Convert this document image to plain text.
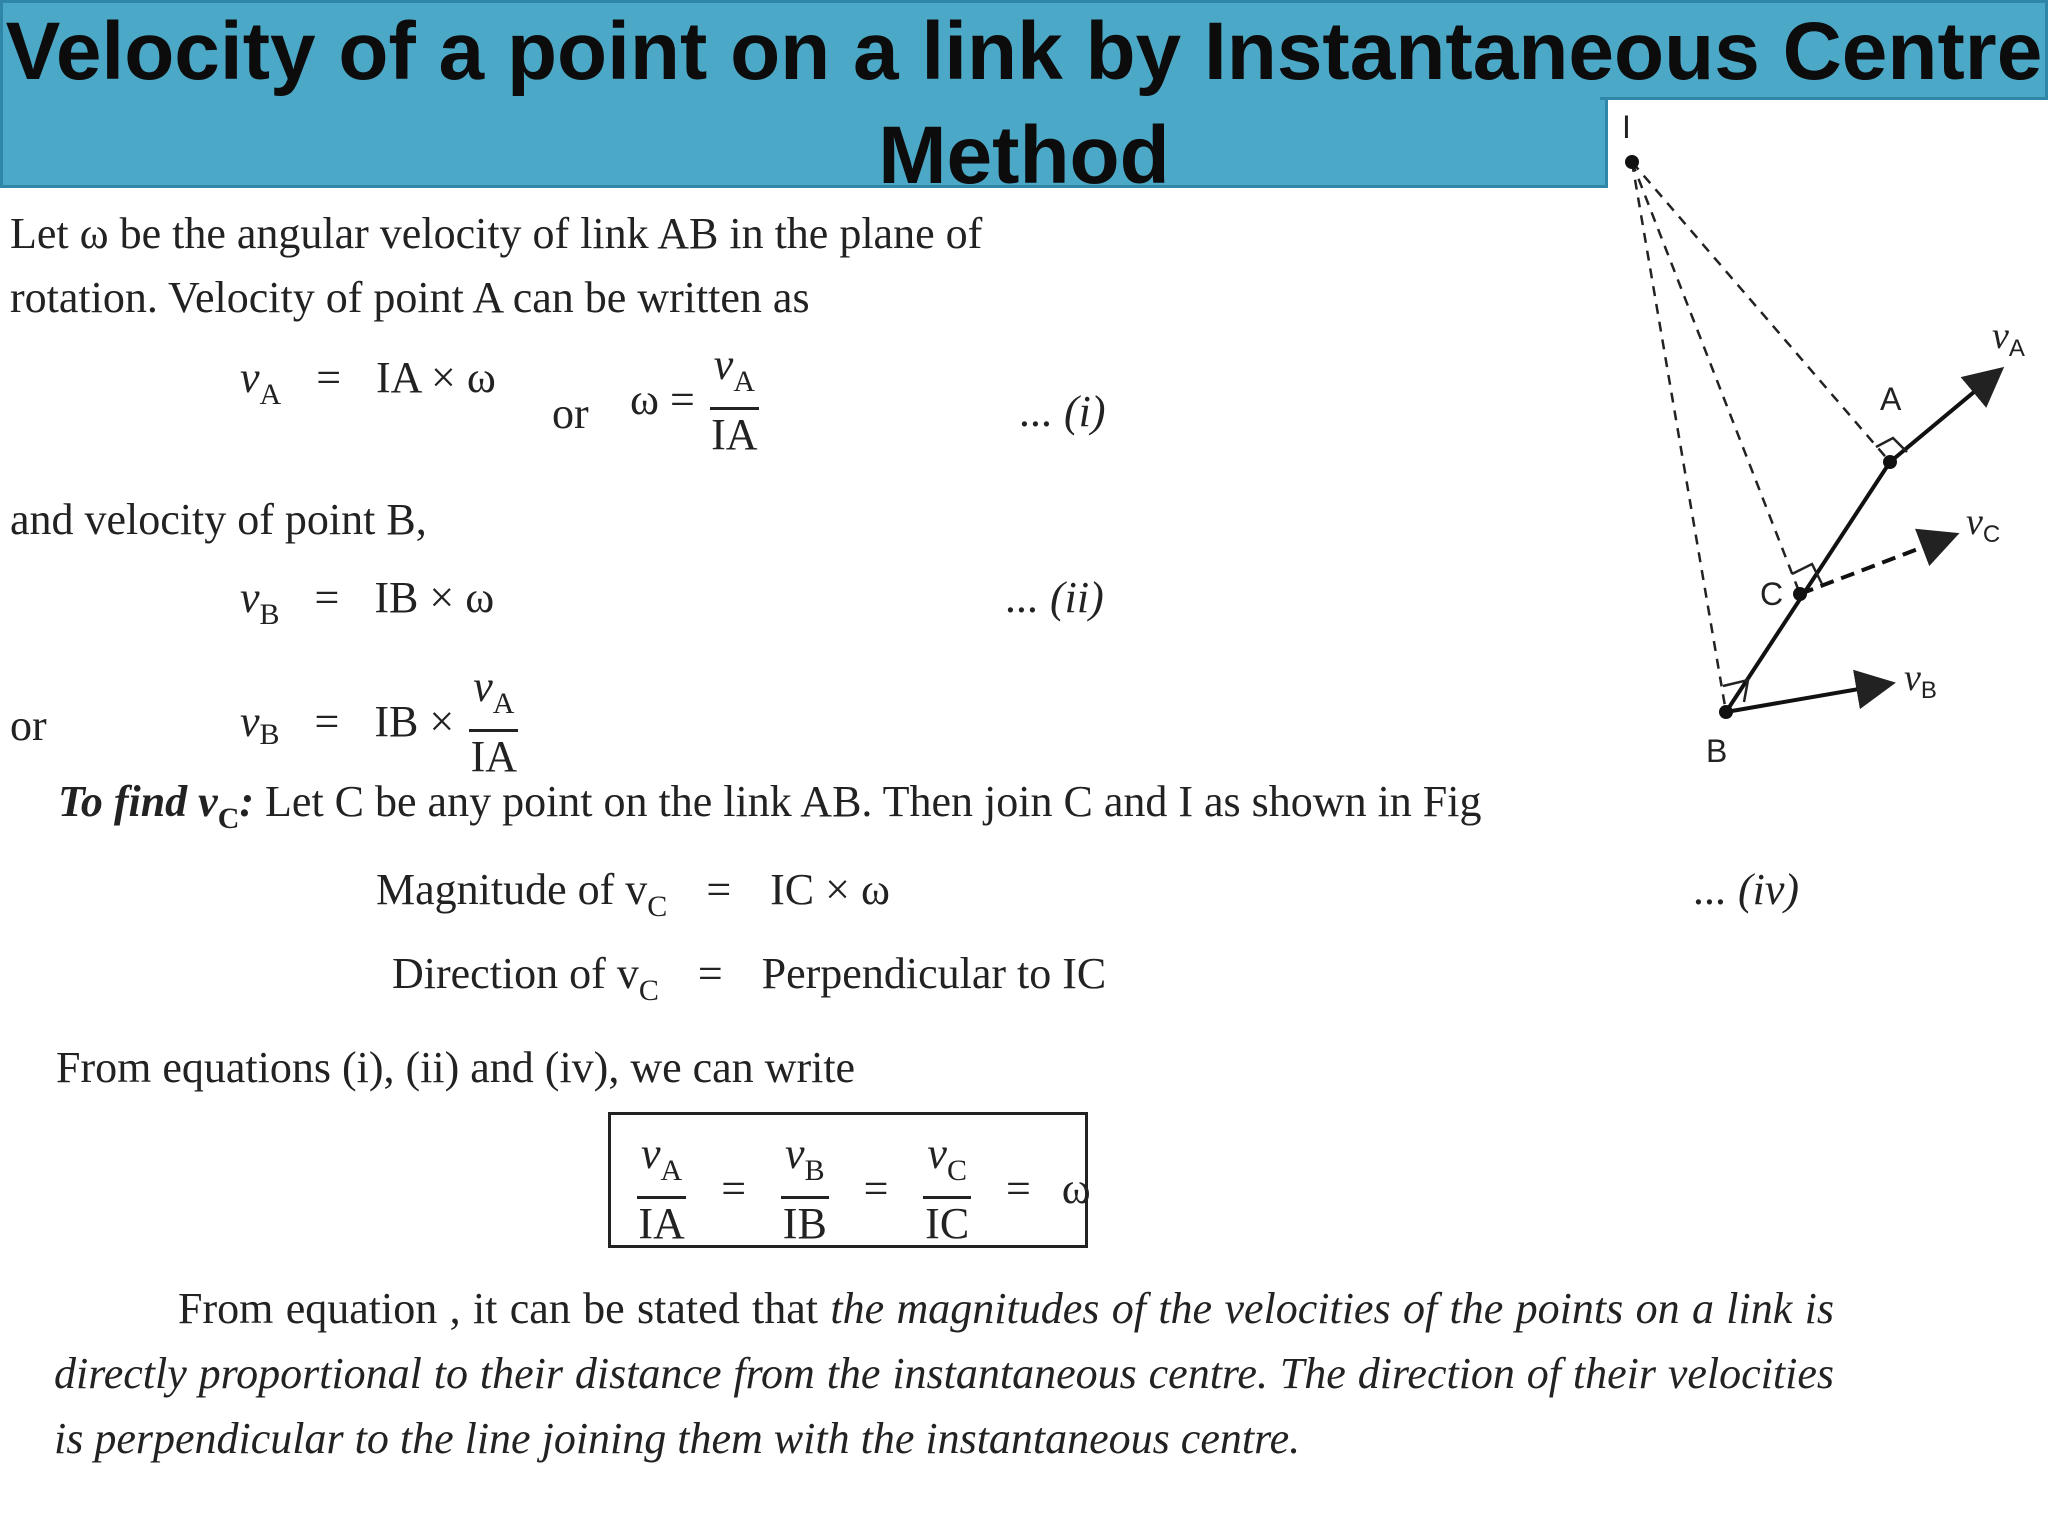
Velocity of a point on a link by Instantaneous Centre Method
Let ω be the angular velocity of link AB in the plane of
rotation. Velocity of point A can be written as
$v_A$ = IA × ω
or $\omega = \frac{v_A}{IA}$	... (i)
and velocity of point B,
$v_B$ = IB × ω	... (ii)
or	$v_B$ = IB × $\frac{v_A}{IA}$
To find $v_C$: Let C be any point on the link AB. Then join C and I as shown in Fig
Magnitude of $v_C$ = IC × ω	... (iv)
Direction of $v_C$ = Perpendicular to IC
From equations (i), (ii) and (iv), we can write
$\frac{v_A}{IA} = \frac{v_B}{IB} = \frac{v_C}{IC} = \omega$
From equation , it can be stated that the magnitudes of the velocities of the points on a link is directly proportional to their distance from the instantaneous centre. The direction of their velocities is perpendicular to the line joining them with the instantaneous centre.
I
A
C
B
$v_A$
$v_C$
$v_B$
